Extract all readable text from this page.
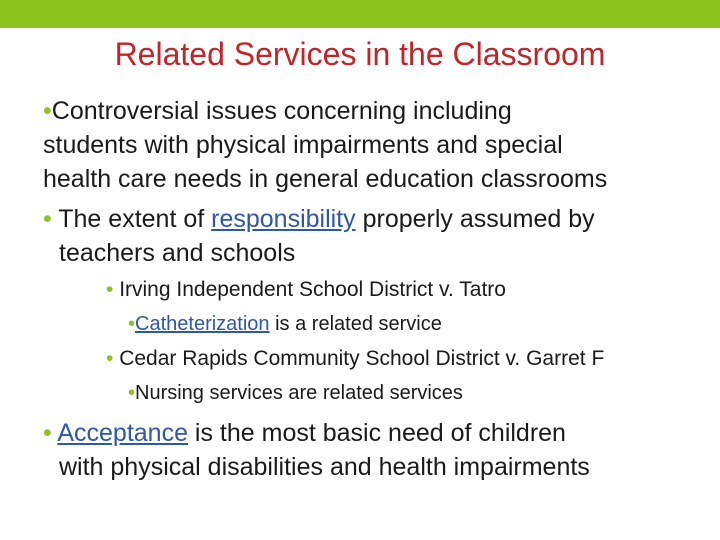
Related Services in the Classroom
•Controversial issues concerning including
students with physical impairments and special
health care needs in general education classrooms
• The extent of responsibility properly assumed by
teachers and schools
• Irving Independent School District v. Tatro
•Catheterization is a related service
• Cedar Rapids Community School District v. Garret F
•Nursing services are related services
• Acceptance is the most basic need of children
with physical disabilities and health impairments
